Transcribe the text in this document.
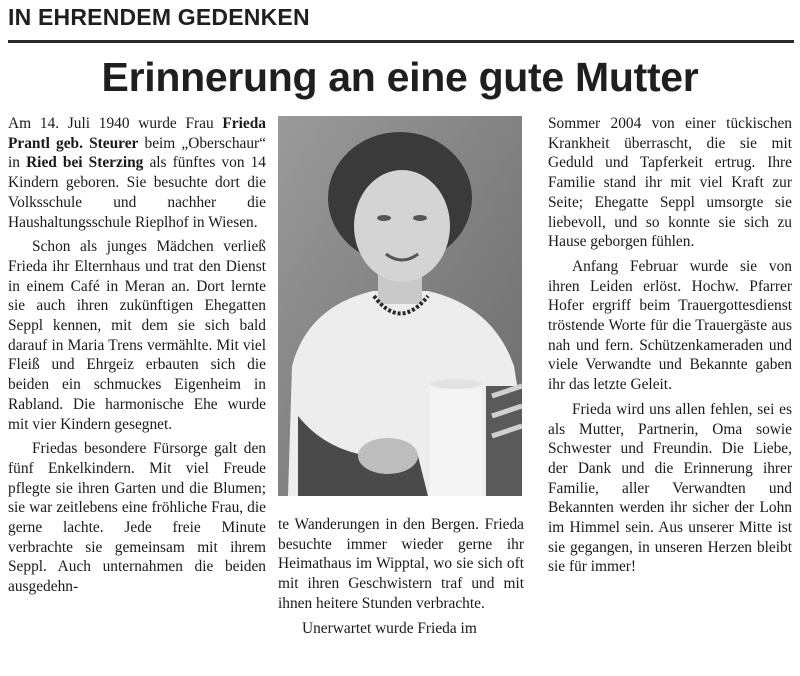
IN EHRENDEM GEDENKEN
Erinnerung an eine gute Mutter

Am 14. Juli 1940 wurde Frau Frieda Prantl geb. Steurer beim „Oberschaur“ in Ried bei Sterzing als fünftes von 14 Kindern geboren. Sie besuchte dort die Volksschule und nachher die Haushaltungsschule Rieplhof in Wiesen.

Schon als junges Mädchen verließ Frieda ihr Elternhaus und trat den Dienst in einem Café in Meran an. Dort lernte sie auch ihren zukünftigen Ehegatten Seppl kennen, mit dem sie sich bald darauf in Maria Trens vermählte. Mit viel Fleiß und Ehrgeiz erbauten sich die beiden ein schmuckes Eigenheim in Rabland. Die harmonische Ehe wurde mit vier Kindern gesegnet.

Friedas besondere Fürsorge galt den fünf Enkelkindern. Mit viel Freude pflegte sie ihren Garten und die Blumen; sie war zeitlebens eine fröhliche Frau, die gerne lachte. Jede freie Minute verbrachte sie gemeinsam mit ihrem Seppl. Auch unternahmen die beiden ausgedehn-

te Wanderungen in den Bergen. Frieda besuchte immer wieder gerne ihr Heimathaus im Wipptal, wo sie sich oft mit ihren Geschwistern traf und mit ihnen heitere Stunden verbrachte.

Unerwartet wurde Frieda im

Sommer 2004 von einer tückischen Krankheit überrascht, die sie mit Geduld und Tapferkeit ertrug. Ihre Familie stand ihr mit viel Kraft zur Seite; Ehegatte Seppl umsorgte sie liebevoll, und so konnte sie sich zu Hause geborgen fühlen.

Anfang Februar wurde sie von ihren Leiden erlöst. Hochw. Pfarrer Hofer ergriff beim Trauergottesdienst tröstende Worte für die Trauergäste aus nah und fern. Schützenkameraden und viele Verwandte und Bekannte gaben ihr das letzte Geleit.

Frieda wird uns allen fehlen, sei es als Mutter, Partnerin, Oma sowie Schwester und Freundin. Die Liebe, der Dank und die Erinnerung ihrer Familie, aller Verwandten und Bekannten werden ihr sicher der Lohn im Himmel sein. Aus unserer Mitte ist sie gegangen, in unseren Herzen bleibt sie für immer!
